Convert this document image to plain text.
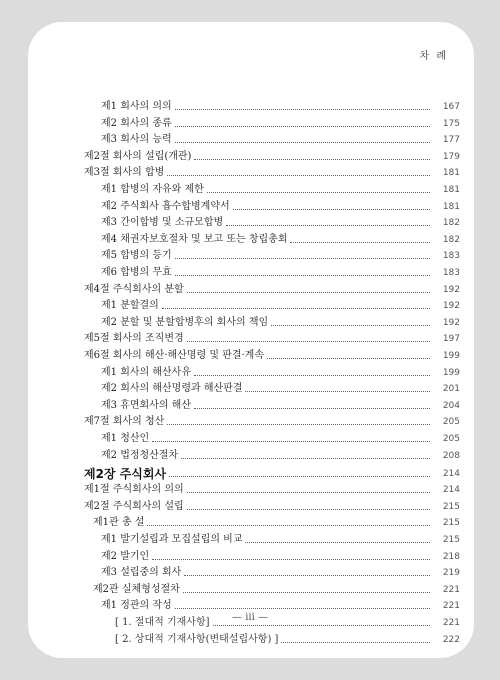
차 례
제1 회사의 의의	167
제2 회사의 종류	175
제3 회사의 능력	177
제2절 회사의 설립(개관)	179
제3절 회사의 합병	181
제1 합병의 자유와 제한	181
제2 주식회사 흡수합병계약서	181
제3 간이합병 및 소규모합병	182
제4 채권자보호절차 및 보고 또는 창립총회	182
제5 합병의 등기	183
제6 합병의 무효	183
제4절 주식회사의 분할	192
제1 분할결의	192
제2 분할 및 분할합병후의 회사의 책임	192
제5절 회사의 조직변경	197
제6절 회사의 해산·해산명령 및 판결·계속	199
제1 회사의 해산사유	199
제2 회사의 해산명령과 해산판결	201
제3 휴면회사의 해산	204
제7절 회사의 청산	205
제1 청산인	205
제2 법정청산절차	208
제2장 주식회사	214
제1절 주식회사의 의의	214
제2절 주식회사의 설립	215
제1관 총 설	215
제1 발기설립과 모집설립의 비교	215
제2 발기인	218
제3 설립중의 회사	219
제2관 실체형성절차	221
제1 정관의 작성	221
[ 1. 절대적 기재사항]	221
[ 2. 상대적 기재사항(변태설립사항) ]	222
— iii —
